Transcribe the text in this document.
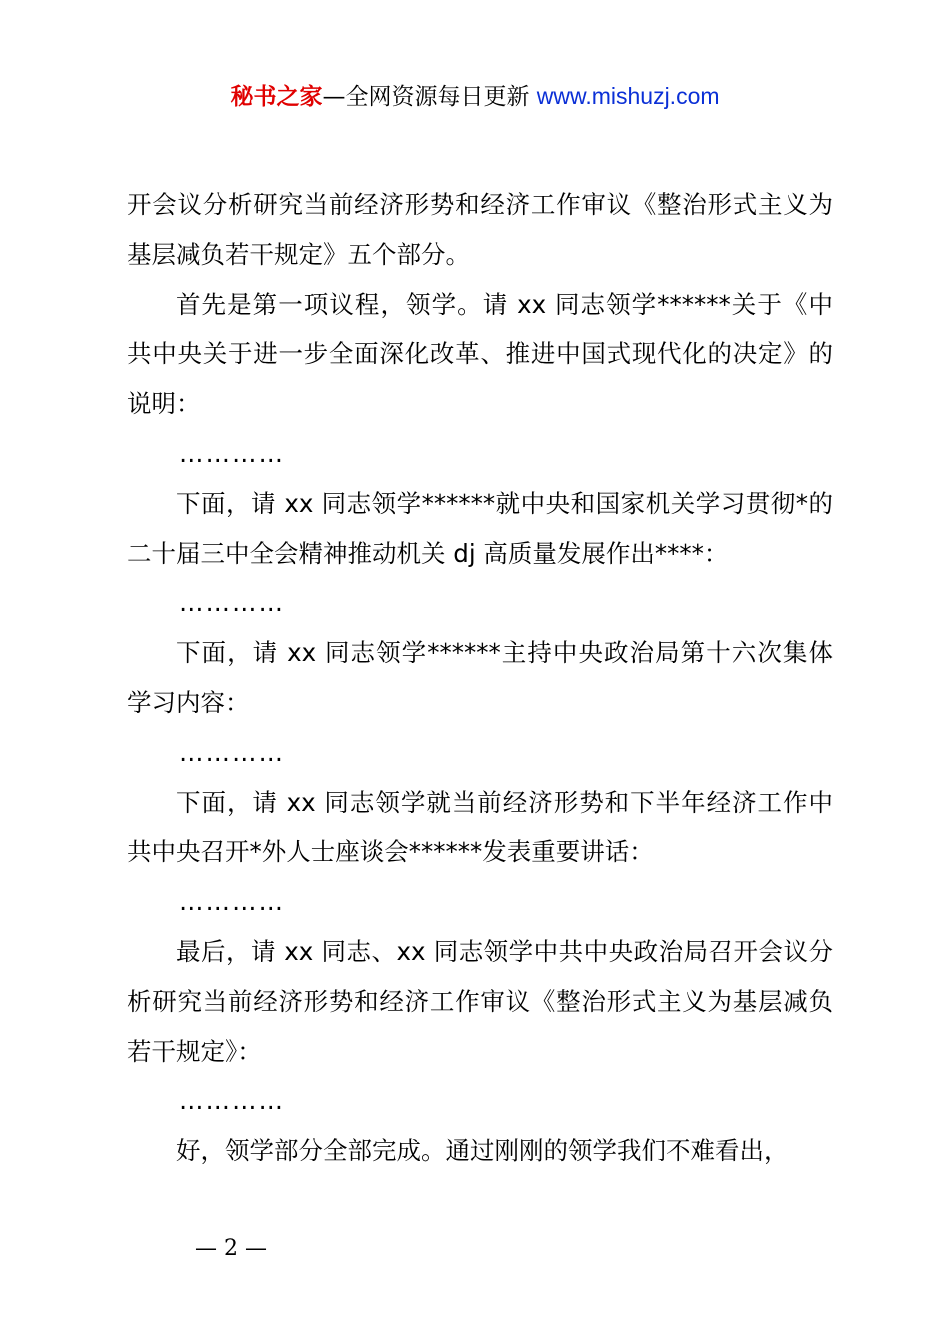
秘书之家—全网资源每日更新 www.mishuzj.com

开会议分析研究当前经济形势和经济工作审议《整治形式主义为基层减负若干规定》五个部分。

首先是第一项议程，领学。请 xx 同志领学******关于《中共中央关于进一步全面深化改革、推进中国式现代化的决定》的说明：

…………

下面，请 xx 同志领学******就中央和国家机关学习贯彻*的二十届三中全会精神推动机关 dj 高质量发展作出****：

…………

下面，请 xx 同志领学******主持中央政治局第十六次集体学习内容：

…………

下面，请 xx 同志领学就当前经济形势和下半年经济工作中共中央召开*外人士座谈会******发表重要讲话：

…………

最后，请 xx 同志、xx 同志领学中共中央政治局召开会议分析研究当前经济形势和经济工作审议《整治形式主义为基层减负若干规定》：

…………

好，领学部分全部完成。通过刚刚的领学我们不难看出，

— 2 —
